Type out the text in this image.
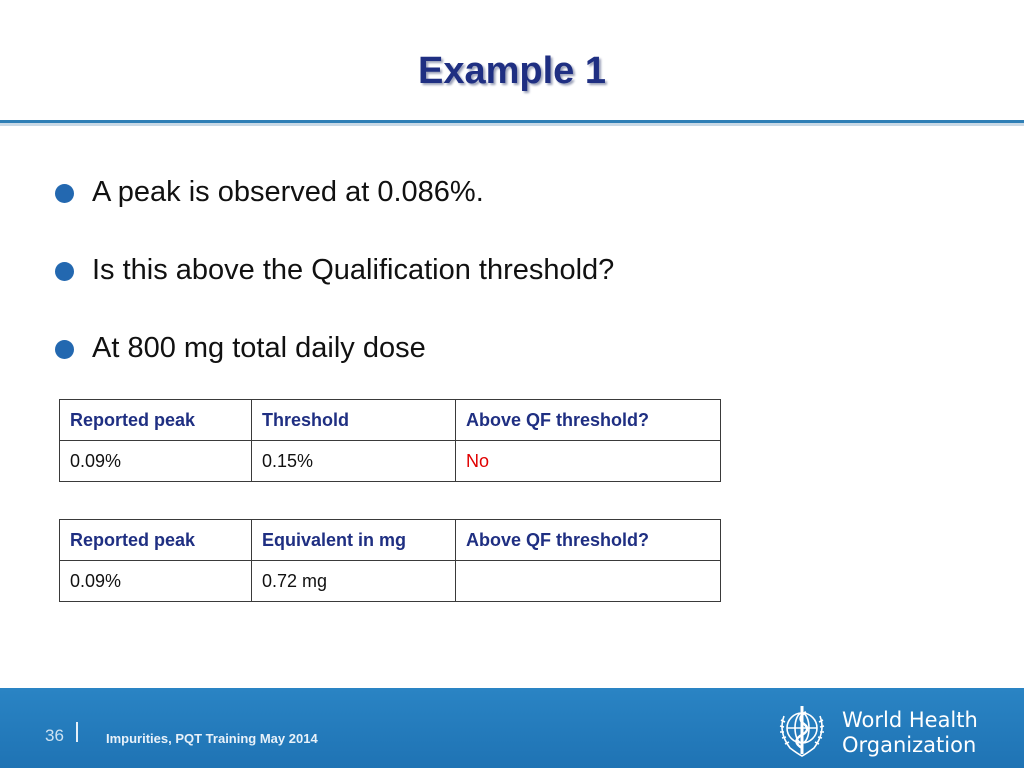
Example 1
A peak is observed at 0.086%.
Is this above the Qualification threshold?
At 800 mg total daily dose
Reported peak	Threshold	Above QF threshold?
0.09%	0.15%	No
Reported peak	Equivalent in mg	Above QF threshold?
0.09%	0.72 mg	
36	Impurities, PQT Training May 2014
World Health
Organization
